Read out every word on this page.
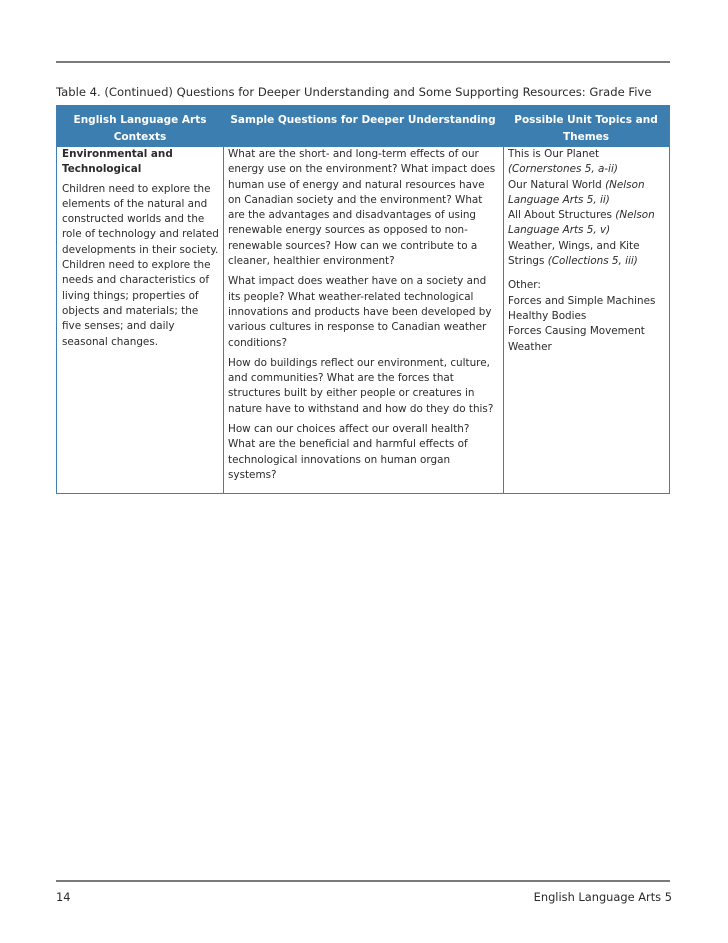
Table 4. (Continued) Questions for Deeper Understanding and Some Supporting Resources: Grade Five
English Language Arts Contexts
Sample Questions for Deeper Understanding	Possible Unit Topics and Themes

Environmental and Technological

Children need to explore the elements of the natural and constructed worlds and the role of technology and related developments in their society. Children need to explore the needs and characteristics of living things; properties of objects and materials; the five senses; and daily seasonal changes.

What are the short- and long-term effects of our energy use on the environment? What impact does human use of energy and natural resources have on Canadian society and the environment? What are the advantages and disadvantages of using renewable energy sources as opposed to non-renewable sources? How can we contribute to a cleaner, healthier environment?

What impact does weather have on a society and its people? What weather-related technological innovations and products have been developed by various cultures in response to Canadian weather conditions?

How do buildings reflect our environment, culture, and communities? What are the forces that structures built by either people or creatures in nature have to withstand and how do they do this?

How can our choices affect our overall health? What are the beneficial and harmful effects of technological innovations on human organ systems?

This is Our Planet (Cornerstones 5, a-ii)
Our Natural World (Nelson Language Arts 5, ii)
All About Structures (Nelson Language Arts 5, v)
Weather, Wings, and Kite Strings (Collections 5, iii)
Other:
Forces and Simple Machines
Healthy Bodies
Forces Causing Movement
Weather
14	English Language Arts 5
